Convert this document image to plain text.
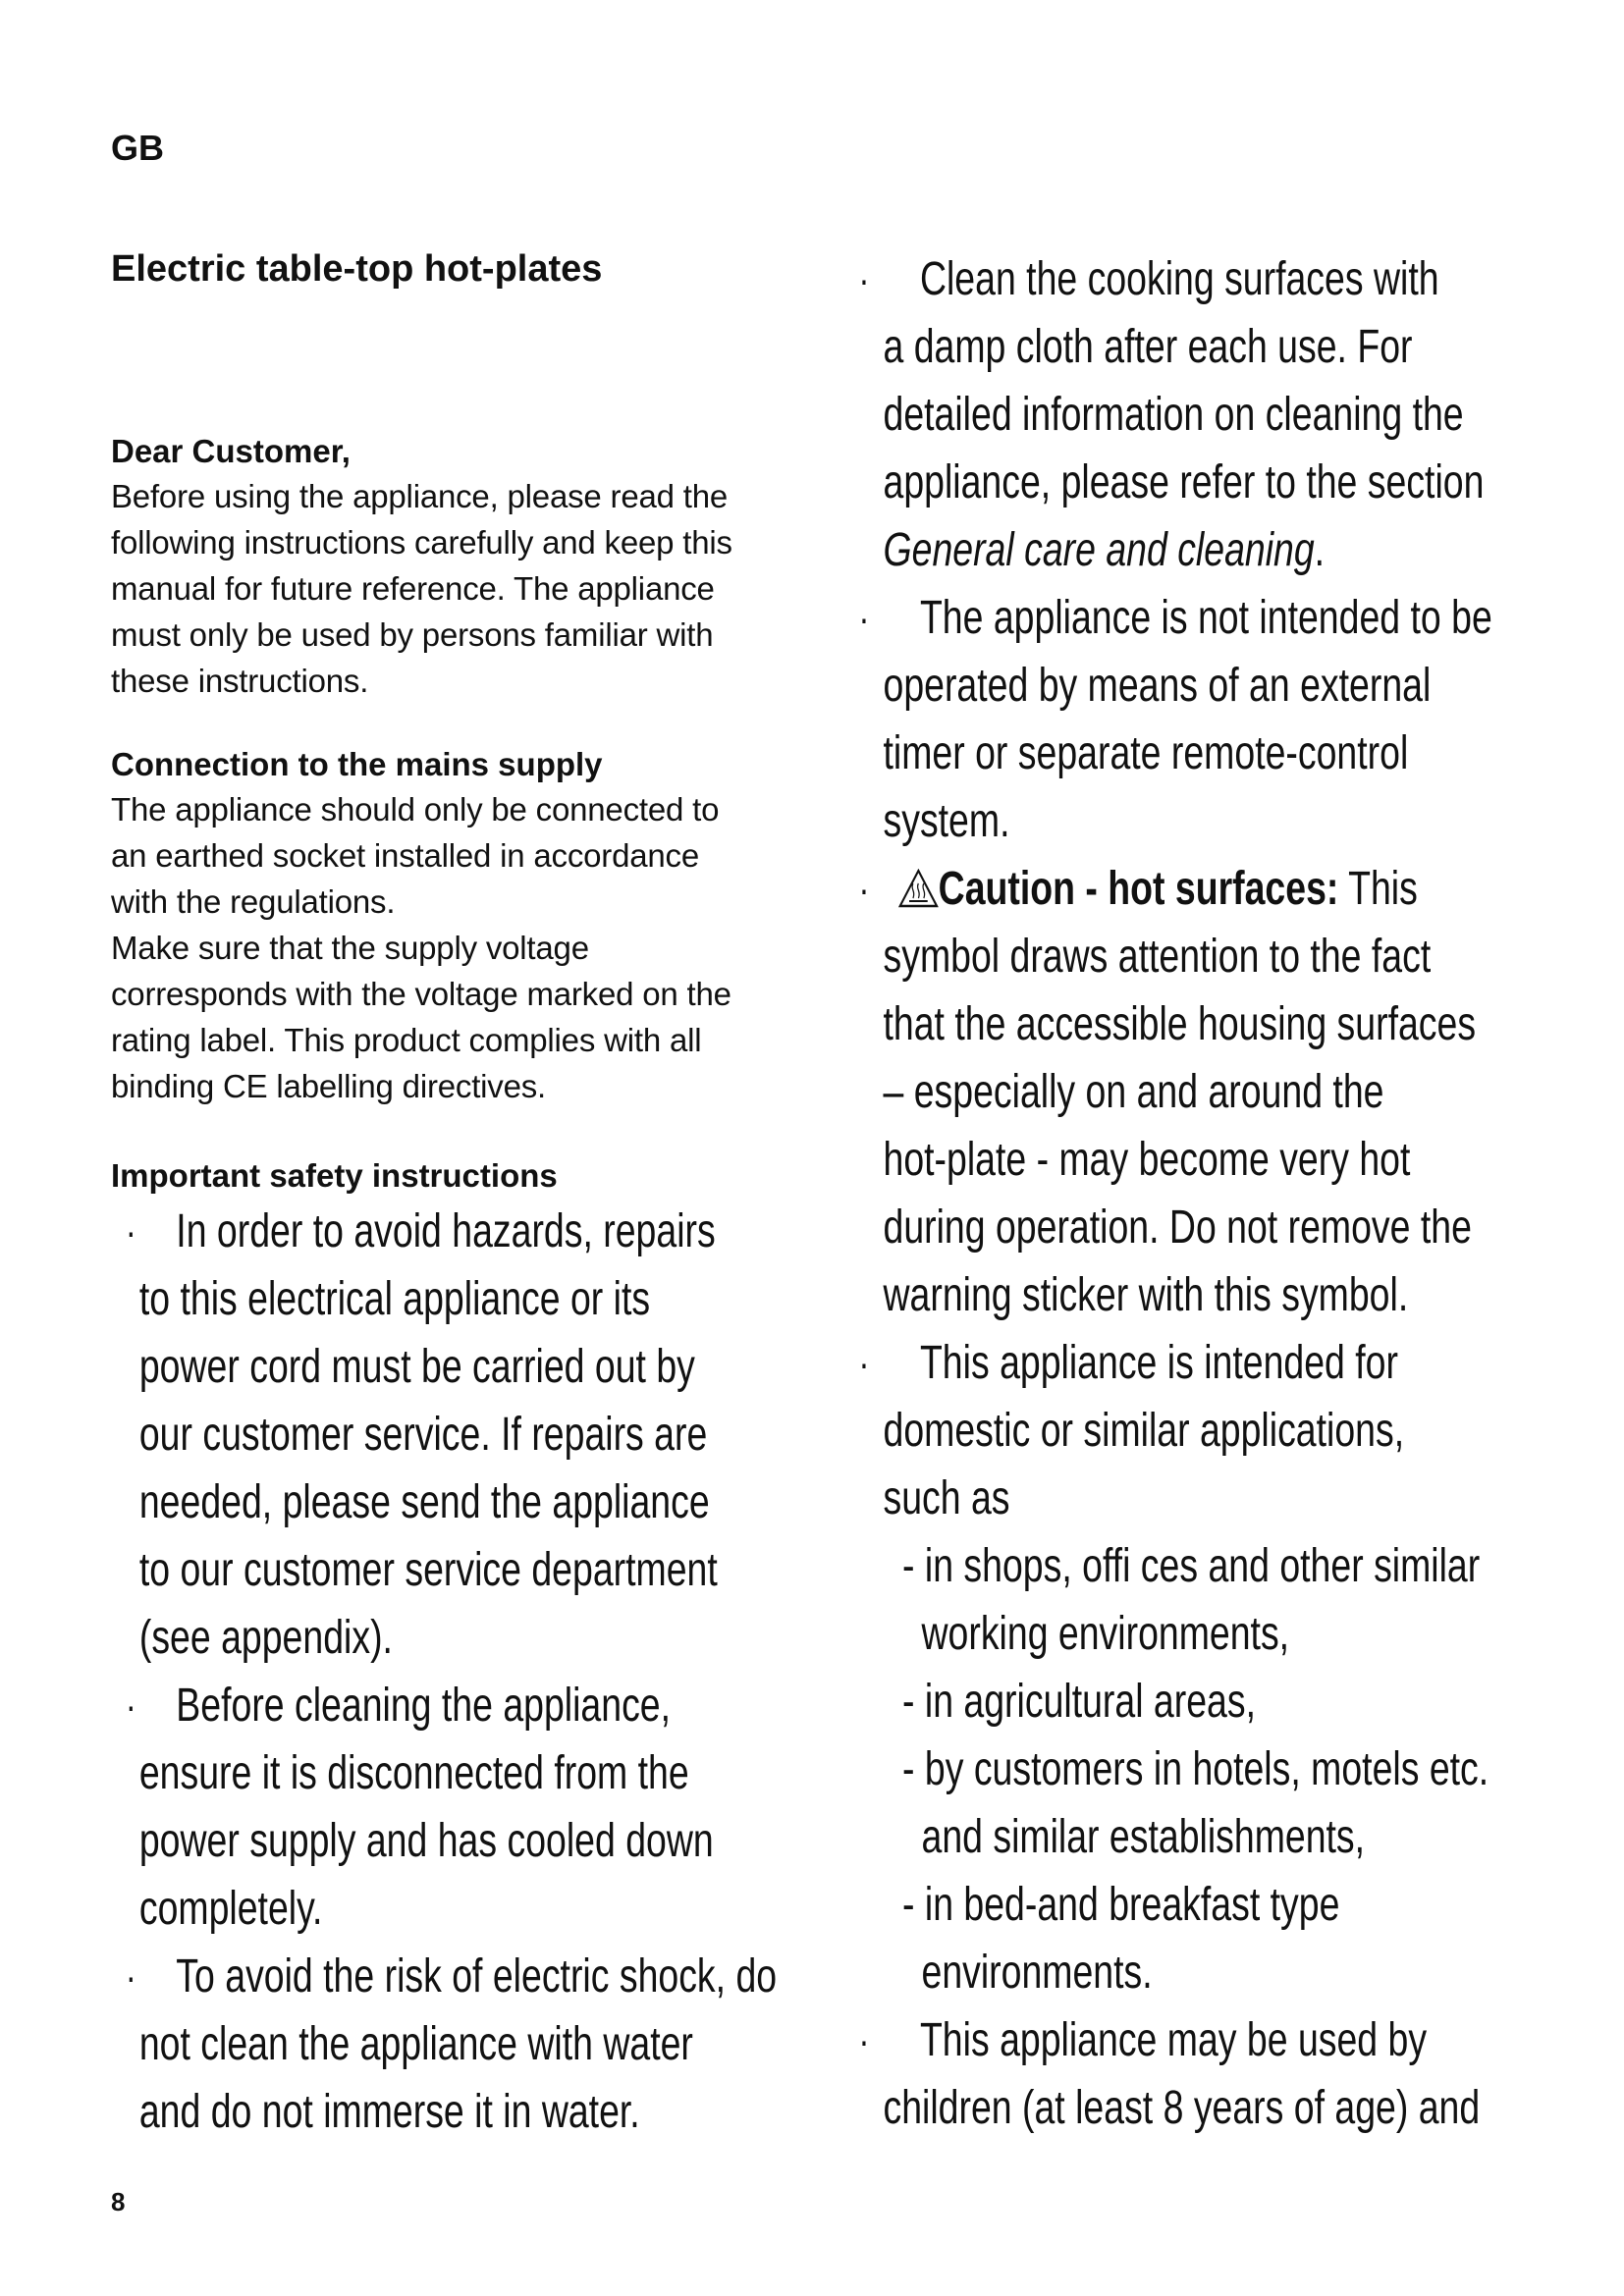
GB
Electric table-top hot-plates
Dear Customer,
Before using the appliance, please read the
following instructions carefully and keep this
manual for future reference. The appliance
must only be used by persons familiar with
these instructions.
Connection to the mains supply
The appliance should only be connected to
an earthed socket installed in accordance
with the regulations.
Make sure that the supply voltage
corresponds with the voltage marked on the
rating label. This product complies with all
binding CE labelling directives.
Important safety instructions
· In order to avoid hazards, repairs
to this electrical appliance or its
power cord must be carried out by
our customer service. If repairs are
needed, please send the appliance
to our customer service department
(see appendix).
· Before cleaning the appliance,
ensure it is disconnected from the
power supply and has cooled down
completely.
· To avoid the risk of electric shock, do
not clean the appliance with water
and do not immerse it in water.
· Clean the cooking surfaces with
a damp cloth after each use. For
detailed information on cleaning the
appliance, please refer to the section
General care and cleaning.
· The appliance is not intended to be
operated by means of an external
timer or separate remote-control
system.
·	Caution - hot surfaces: This
symbol draws attention to the fact
that the accessible housing surfaces
– especially on and around the
hot-plate - may become very hot
during operation. Do not remove the
warning sticker with this symbol.
· This appliance is intended for
domestic or similar applications,
such as
- in shops, offi ces and other similar
working environments,
- in agricultural areas,
- by customers in hotels, motels etc.
and similar establishments,
- in bed-and breakfast type
environments.
· This appliance may be used by
children (at least 8 years of age) and
8
